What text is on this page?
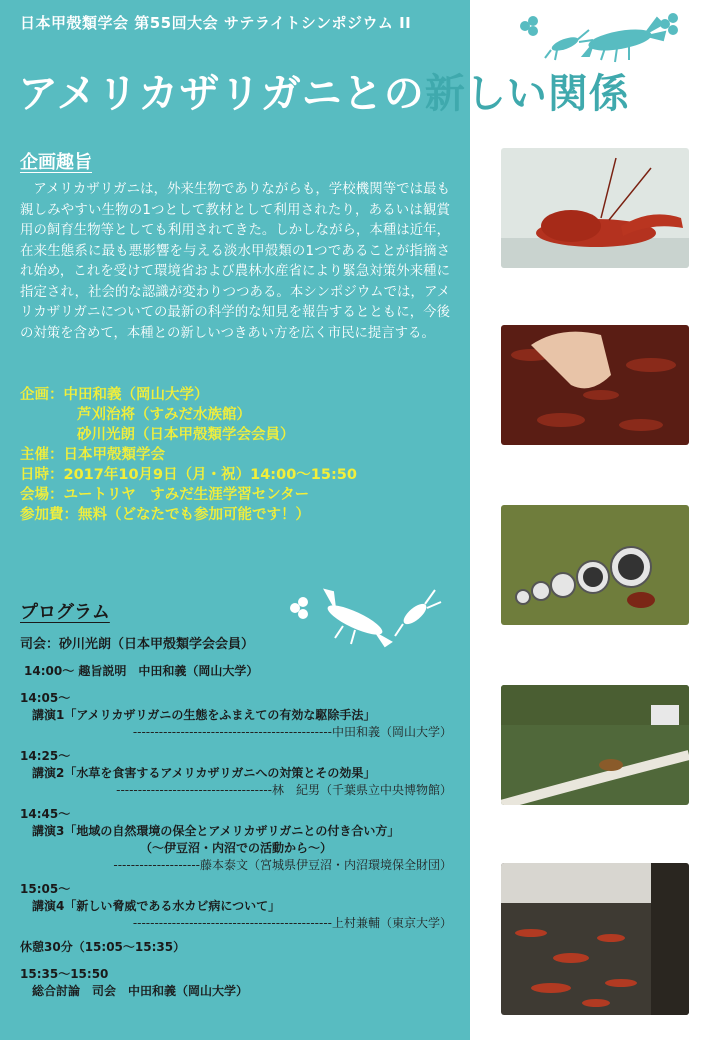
日本甲殻類学会 第55回大会 サテライトシンポジウム II
アメリカザリガニとの新しい関係
企画趣旨

アメリカザリガニは，外来生物でありながらも，学校機関等では最も親しみやすい生物の1つとして教材として利用されたり，あるいは観賞用の飼育生物等としても利用されてきた。しかしながら，本種は近年，在来生態系に最も悪影響を与える淡水甲殻類の1つであることが指摘され始め，これを受けて環境省および農林水産省により緊急対策外来種に指定され，社会的な認識が変わりつつある。本シンポジウムでは，アメリカザリガニについての最新の科学的な知見を報告するとともに，今後の対策を含めて，本種との新しいつきあい方を広く市民に提言する。

企画：中田和義（岡山大学）
芦刈治将（すみだ水族館）
砂川光朗（日本甲殻類学会会員）
主催：日本甲殻類学会
日時：2017年10月9日（月・祝）14:00〜15:50
会場：ユートリヤ　すみだ生涯学習センター
参加費：無料（どなたでも参加可能です！）
プログラム
司会：砂川光朗（日本甲殻類学会会員）
14:00〜 趣旨説明　中田和義（岡山大学）
14:05〜
講演1「アメリカザリガニの生態をふまえての有効な駆除手法」
----------------------------------------------中田和義（岡山大学）
14:25〜
講演2「水草を食害するアメリカザリガニへの対策とその効果」
------------------------------------林　紀男（千葉県立中央博物館）
14:45〜
講演3「地域の自然環境の保全とアメリカザリガニとの付き合い方」
（〜伊豆沼・内沼での活動から〜）
--------------------藤本泰文（宮城県伊豆沼・内沼環境保全財団）
15:05〜
講演4「新しい脅威である水カビ病について」
----------------------------------------------上村兼輔（東京大学）
休憩30分（15:05〜15:35）
15:35〜15:50
総合討論　司会　中田和義（岡山大学）
